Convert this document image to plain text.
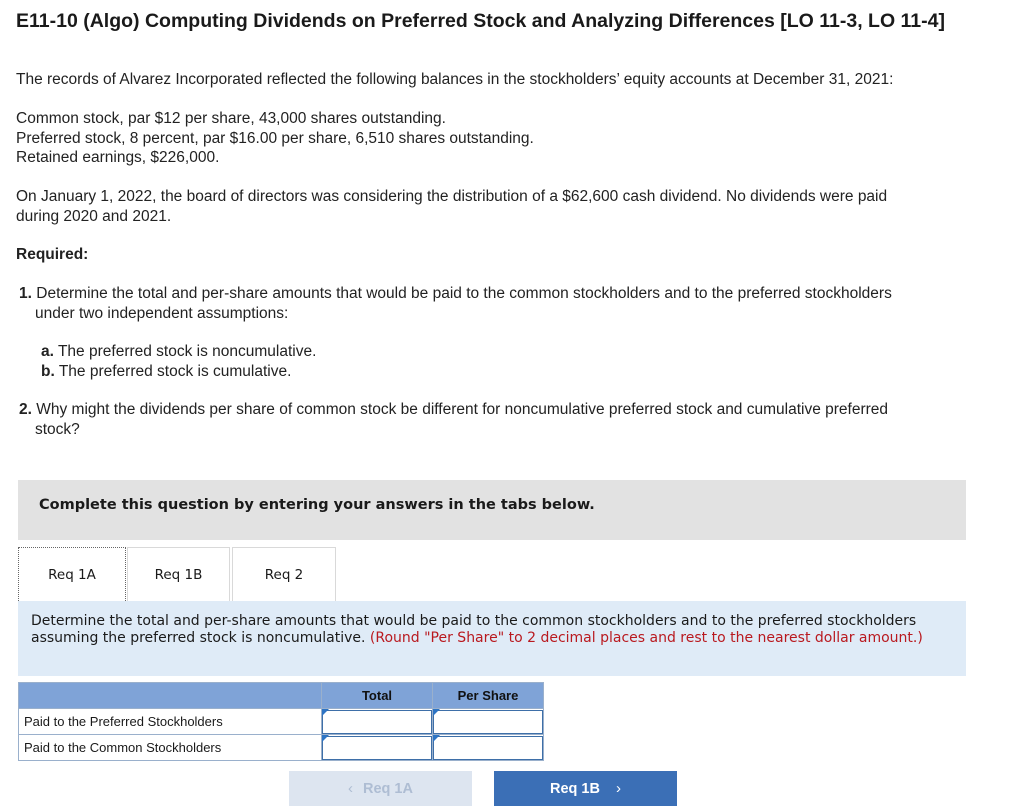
E11-10 (Algo) Computing Dividends on Preferred Stock and Analyzing Differences [LO 11-3, LO 11-4]
The records of Alvarez Incorporated reflected the following balances in the stockholders’ equity accounts at December 31, 2021:
Common stock, par $12 per share, 43,000 shares outstanding.
Preferred stock, 8 percent, par $16.00 per share, 6,510 shares outstanding.
Retained earnings, $226,000.
On January 1, 2022, the board of directors was considering the distribution of a $62,600 cash dividend. No dividends were paid
during 2020 and 2021.
Required:
1. Determine the total and per-share amounts that would be paid to the common stockholders and to the preferred stockholders
under two independent assumptions:
a. The preferred stock is noncumulative.
b. The preferred stock is cumulative.
2. Why might the dividends per share of common stock be different for noncumulative preferred stock and cumulative preferred
stock?
Complete this question by entering your answers in the tabs below.
Req 1A	Req 1B	Req 2

Determine the total and per-share amounts that would be paid to the common stockholders and to the preferred stockholders assuming the preferred stock is noncumulative. (Round "Per Share" to 2 decimal places and rest to the nearest dollar amount.)

	Total	Per Share
Paid to the Preferred Stockholders	

Paid to the Common Stockholders	

‹ Req 1A	Req 1B ›
